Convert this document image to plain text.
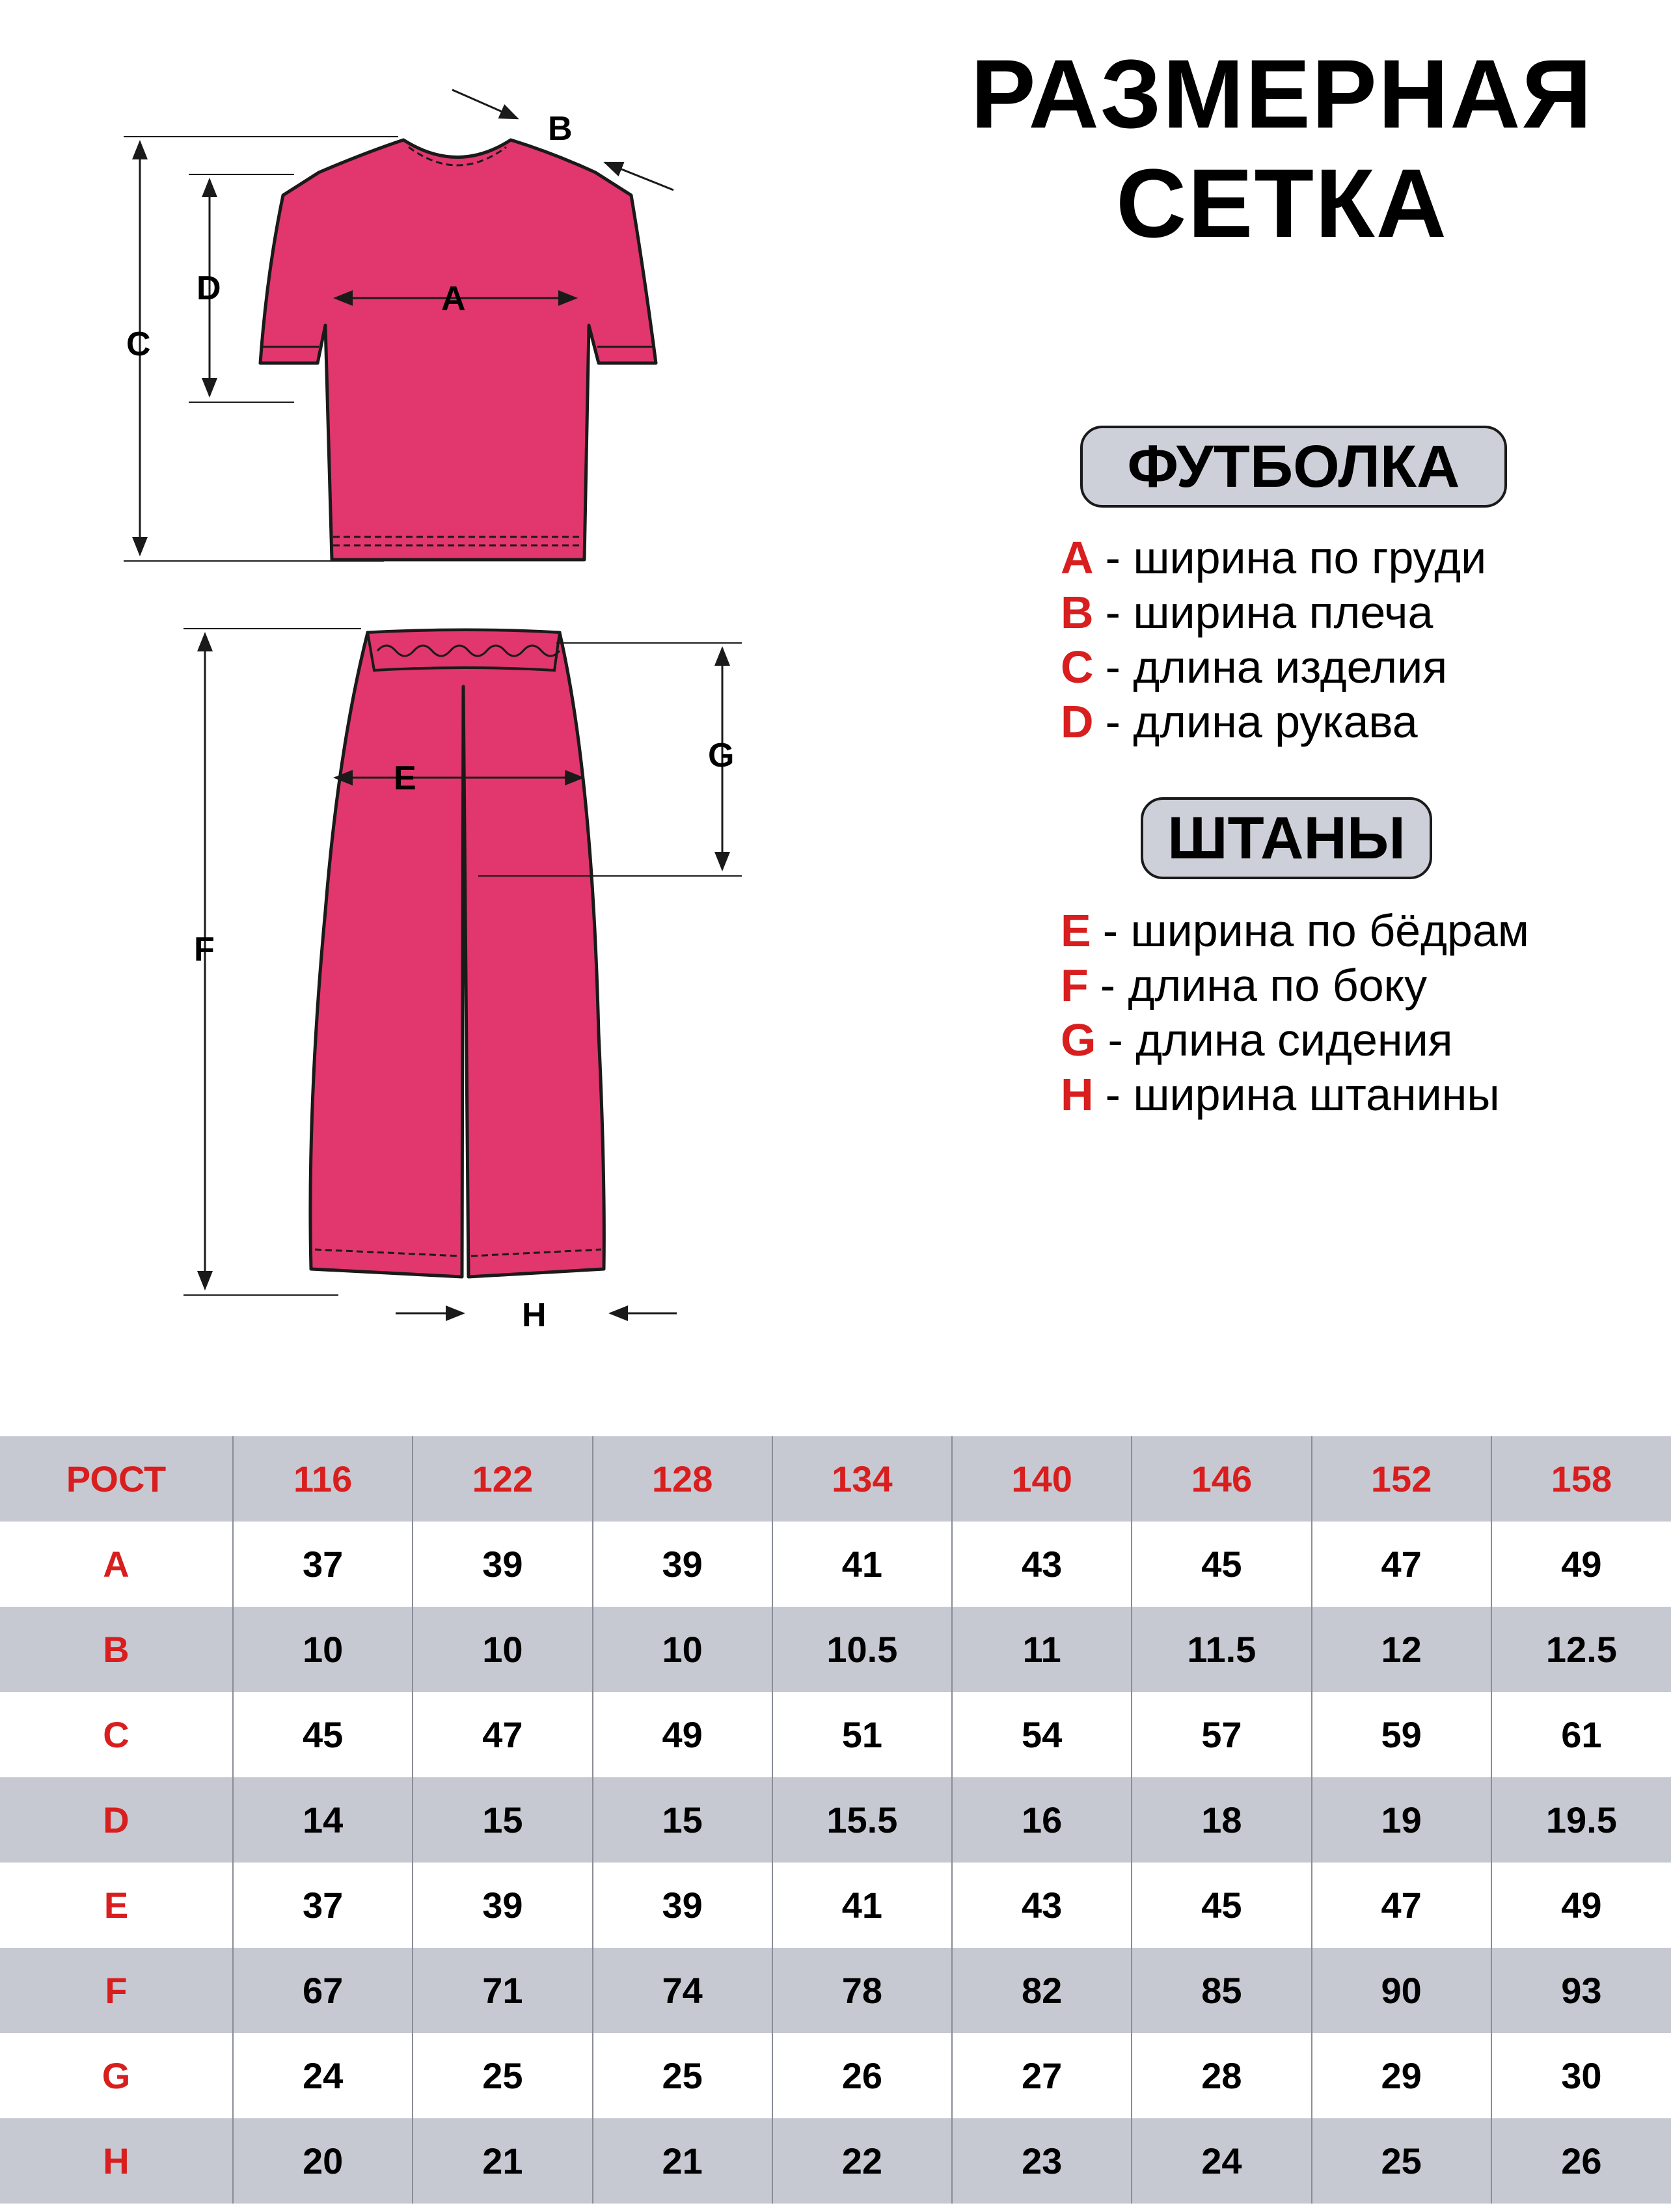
РАЗМЕРНАЯ
СЕТКА
A
B
C
D
E
F
G
H
ФУТБОЛКА
A - ширина по груди
B - ширина плеча
C - длина изделия
D - длина рукава
ШТАНЫ
E - ширина по бёдрам
F - длина по боку
G - длина сидения
H - ширина штанины
РОСТ	116	122	128	134	140	146	152	158
A	37	39	39	41	43	45	47	49
B	10	10	10	10.5	11	11.5	12	12.5
C	45	47	49	51	54	57	59	61
D	14	15	15	15.5	16	18	19	19.5
E	37	39	39	41	43	45	47	49
F	67	71	74	78	82	85	90	93
G	24	25	25	26	27	28	29	30
H	20	21	21	22	23	24	25	26
